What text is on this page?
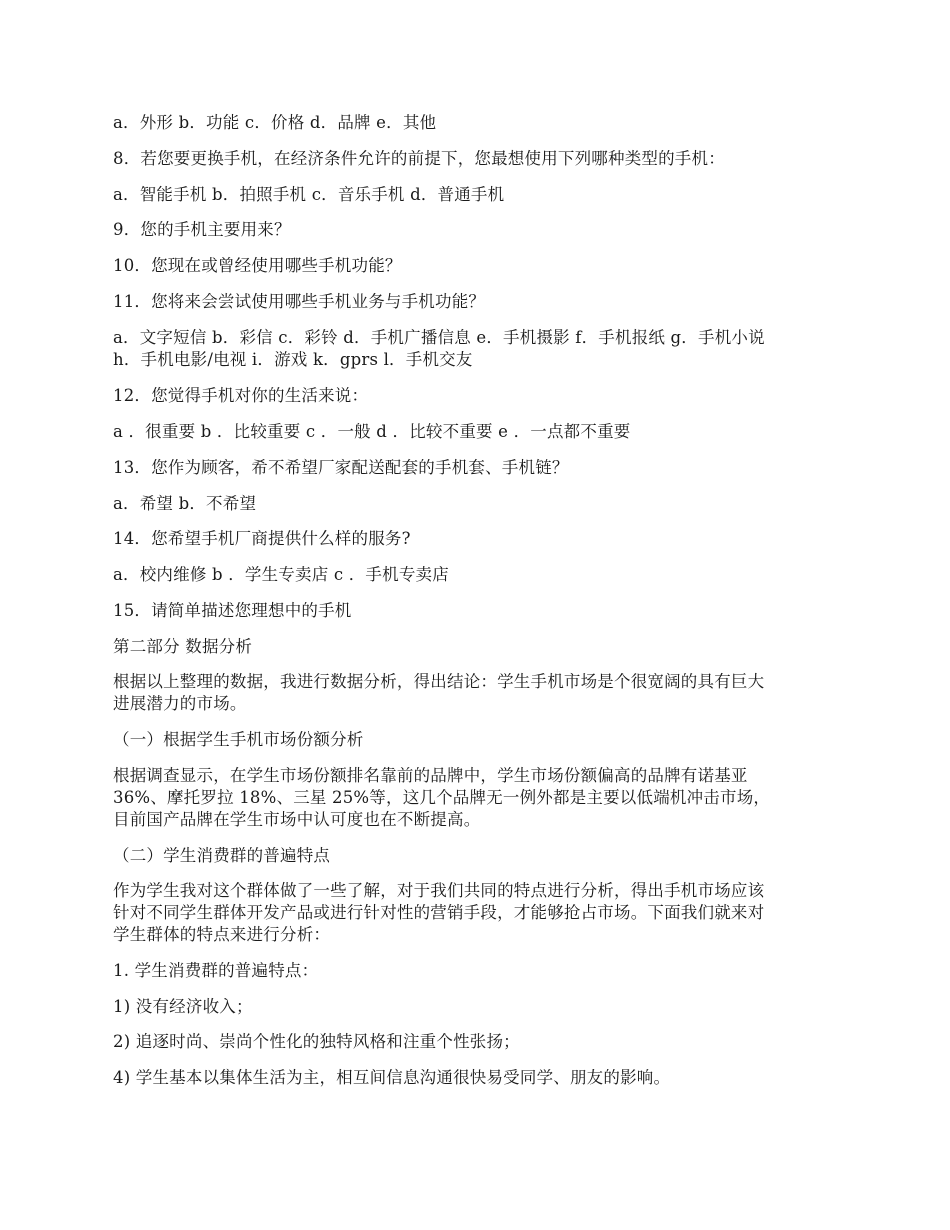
a．外形 b．功能 c．价格 d．品牌 e．其他
8．若您要更换手机，在经济条件允许的前提下，您最想使用下列哪种类型的手机：
a．智能手机 b．拍照手机 c．音乐手机 d．普通手机
9．您的手机主要用来？
10．您现在或曾经使用哪些手机功能？
11．您将来会尝试使用哪些手机业务与手机功能？
a．文字短信 b．彩信 c．彩铃 d．手机广播信息 e．手机摄影 f．手机报纸 g．手机小说
h．手机电影/电视 i．游戏 k．gprs l．手机交友
12．您觉得手机对你的生活来说：
a ．很重要 b ．比较重要 c ．一般 d ．比较不重要 e ．一点都不重要
13．您作为顾客，希不希望厂家配送配套的手机套、手机链？
a．希望 b．不希望
14．您希望手机厂商提供什么样的服务?
a．校内维修 b ．学生专卖店 c ．手机专卖店
15．请简单描述您理想中的手机
第二部分 数据分析
根据以上整理的数据，我进行数据分析，得出结论：学生手机市场是个很宽阔的具有巨大
进展潜力的市场。
（一）根据学生手机市场份额分析
根据调查显示，在学生市场份额排名靠前的品牌中，学生市场份额偏高的品牌有诺基亚
36%、摩托罗拉 18%、三星 25%等，这几个品牌无一例外都是主要以低端机冲击市场，
目前国产品牌在学生市场中认可度也在不断提高。
（二）学生消费群的普遍特点
作为学生我对这个群体做了一些了解，对于我们共同的特点进行分析，得出手机市场应该
针对不同学生群体开发产品或进行针对性的营销手段，才能够抢占市场。下面我们就来对
学生群体的特点来进行分析：
1. 学生消费群的普遍特点：
1) 没有经济收入；
2) 追逐时尚、崇尚个性化的独特风格和注重个性张扬；
4) 学生基本以集体生活为主，相互间信息沟通很快易受同学、朋友的影响。
